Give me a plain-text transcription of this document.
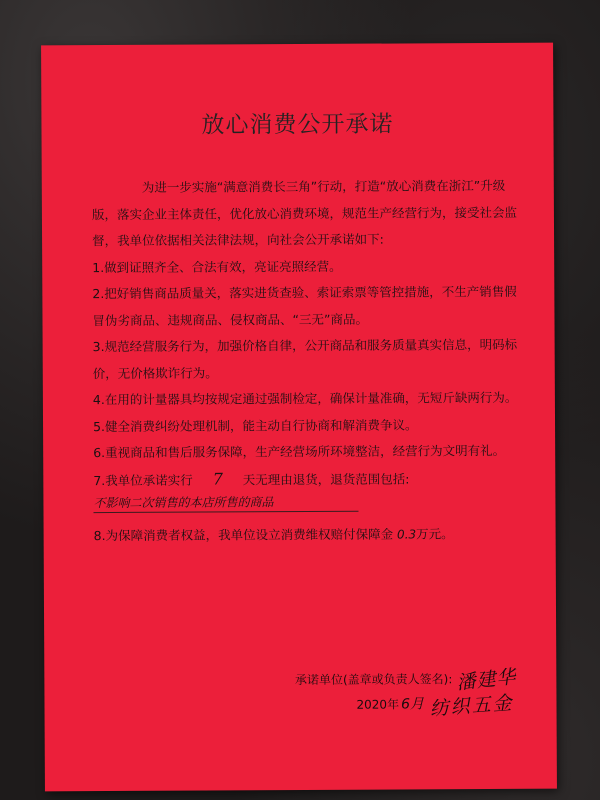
放心消费公开承诺

为进一步实施“满意消费长三角”行动，打造“放心消费在浙江”升级版，落实企业主体责任，优化放心消费环境，规范生产经营行为，接受社会监督，我单位依据相关法律法规，向社会公开承诺如下:

1.做到证照齐全、合法有效，亮证亮照经营。

2.把好销售商品质量关，落实进货查验、索证索票等管控措施，不生产销售假冒伪劣商品、违规商品、侵权商品、“三无”商品。

3.规范经营服务行为，加强价格自律，公开商品和服务质量真实信息，明码标价，无价格欺诈行为。

4.在用的计量器具均按规定通过强制检定，确保计量准确，无短斤缺两行为。

5.健全消费纠纷处理机制，能主动自行协商和解消费争议。

6.重视商品和售后服务保障，生产经营场所环境整洁，经营行为文明有礼。

7.我单位承诺实行 7 天无理由退货，退货范围包括:不影响二次销售的本店所售的商品

8.为保障消费者权益，我单位设立消费维权赔付保障金 0.3万元。

承诺单位(盖章或负责人签名): 潘建华
2020年 6月 纺织五金
